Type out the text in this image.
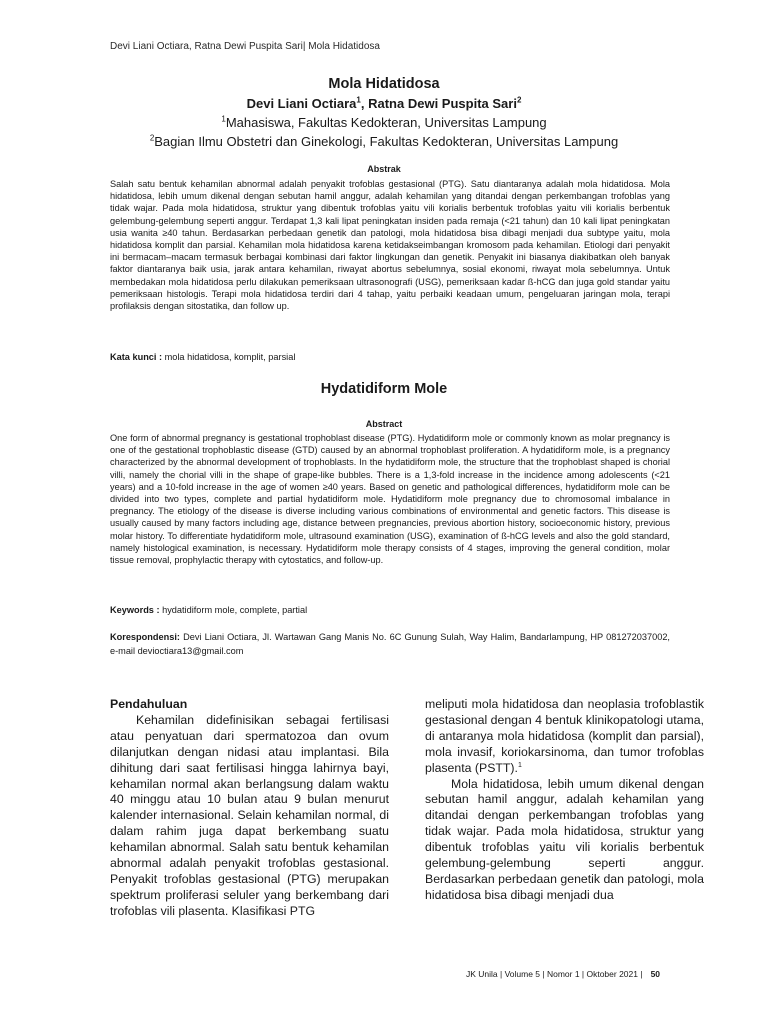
Devi Liani Octiara, Ratna Dewi Puspita Sari| Mola Hidatidosa
Mola Hidatidosa
Devi Liani Octiara$^1$, Ratna Dewi Puspita Sari$^2$
$^1$Mahasiswa, Fakultas Kedokteran, Universitas Lampung
$^2$Bagian Ilmu Obstetri dan Ginekologi, Fakultas Kedokteran, Universitas Lampung
Abstrak
Salah satu bentuk kehamilan abnormal adalah penyakit trofoblas gestasional (PTG). Satu diantaranya adalah mola hidatidosa. Mola hidatidosa, lebih umum dikenal dengan sebutan hamil anggur, adalah kehamilan yang ditandai dengan perkembangan trofoblas yang tidak wajar. Pada mola hidatidosa, struktur yang dibentuk trofoblas yaitu vili korialis berbentuk trofoblas yaitu vili korialis berbentuk gelembung-gelembung seperti anggur. Terdapat 1,3 kali lipat peningkatan insiden pada remaja (<21 tahun) dan 10 kali lipat peningkatan usia wanita ≥40 tahun. Berdasarkan perbedaan genetik dan patologi, mola hidatidosa bisa dibagi menjadi dua subtype yaitu, mola hidatidosa komplit dan parsial. Kehamilan mola hidatidosa karena ketidakseimbangan kromosom pada kehamilan. Etiologi dari penyakit ini bermacam–macam termasuk berbagai kombinasi dari faktor lingkungan dan genetik. Penyakit ini biasanya diakibatkan oleh banyak faktor diantaranya baik usia, jarak antara kehamilan, riwayat abortus sebelumnya, sosial ekonomi, riwayat mola sebelumnya. Untuk membedakan mola hidatidosa perlu dilakukan pemeriksaan ultrasonografi (USG), pemeriksaan kadar ß-hCG dan juga gold standar yaitu pemeriksaan histologis. Terapi mola hidatidosa terdiri dari 4 tahap, yaitu perbaiki keadaan umum, pengeluaran jaringan mola, terapi profilaksis dengan sitostatika, dan follow up.
Kata kunci : mola hidatidosa, komplit, parsial
Hydatidiform Mole
Abstract
One form of abnormal pregnancy is gestational trophoblast disease (PTG). Hydatidiform mole or commonly known as molar pregnancy is one of the gestational trophoblastic disease (GTD) caused by an abnormal trophoblast proliferation. A hydatidiform mole, is a pregnancy characterized by the abnormal development of trophoblasts. In the hydatidiform mole, the structure that the trophoblast shaped is chorial villi, namely the chorial villi in the shape of grape-like bubbles. There is a 1,3-fold increase in the incidence among adolescents (<21 years) and a 10-fold increase in the age of women ≥40 years. Based on genetic and pathological differences, hydatidiform mole can be divided into two types, complete and partial hydatidiform mole. Hydatidiform mole pregnancy due to chromosomal imbalance in pregnancy. The etiology of the disease is diverse including various combinations of environmental and genetic factors. This disease is usually caused by many factors including age, distance between pregnancies, previous abortion history, socioeconomic history, previous molar history. To differentiate hydatidiform mole, ultrasound examination (USG), examination of ß-hCG levels and also the gold standard, namely histological examination, is necessary. Hydatidiform mole therapy consists of 4 stages, improving the general condition, molar tissue removal, prophylactic therapy with cytostatics, and follow-up.
Keywords : hydatidiform mole, complete, partial
Korespondensi: Devi Liani Octiara, Jl. Wartawan Gang Manis No. 6C Gunung Sulah, Way Halim, Bandarlampung, HP 081272037002, e-mail devioctiara13@gmail.com

Pendahuluan

Kehamilan didefinisikan sebagai fertilisasi atau penyatuan dari spermatozoa dan ovum dilanjutkan dengan nidasi atau implantasi. Bila dihitung dari saat fertilisasi hingga lahirnya bayi, kehamilan normal akan berlangsung dalam waktu 40 minggu atau 10 bulan atau 9 bulan menurut kalender internasional. Selain kehamilan normal, di dalam rahim juga dapat berkembang suatu kehamilan abnormal. Salah satu bentuk kehamilan abnormal adalah penyakit trofoblas gestasional. Penyakit trofoblas gestasional (PTG) merupakan spektrum proliferasi seluler yang berkembang dari trofoblas vili plasenta. Klasifikasi PTG

meliputi mola hidatidosa dan neoplasia trofoblastik gestasional dengan 4 bentuk klinikopatologi utama, di antaranya mola hidatidosa (komplit dan parsial), mola invasif, koriokarsinoma, dan tumor trofoblas plasenta (PSTT).$^1$

Mola hidatidosa, lebih umum dikenal dengan sebutan hamil anggur, adalah kehamilan yang ditandai dengan perkembangan trofoblas yang tidak wajar. Pada mola hidatidosa, struktur yang dibentuk trofoblas yaitu vili korialis berbentuk gelembung-gelembung seperti anggur. Berdasarkan perbedaan genetik dan patologi, mola hidatidosa bisa dibagi menjadi dua

JK Unila | Volume 5 | Nomor 1 | Oktober 2021 | 50
